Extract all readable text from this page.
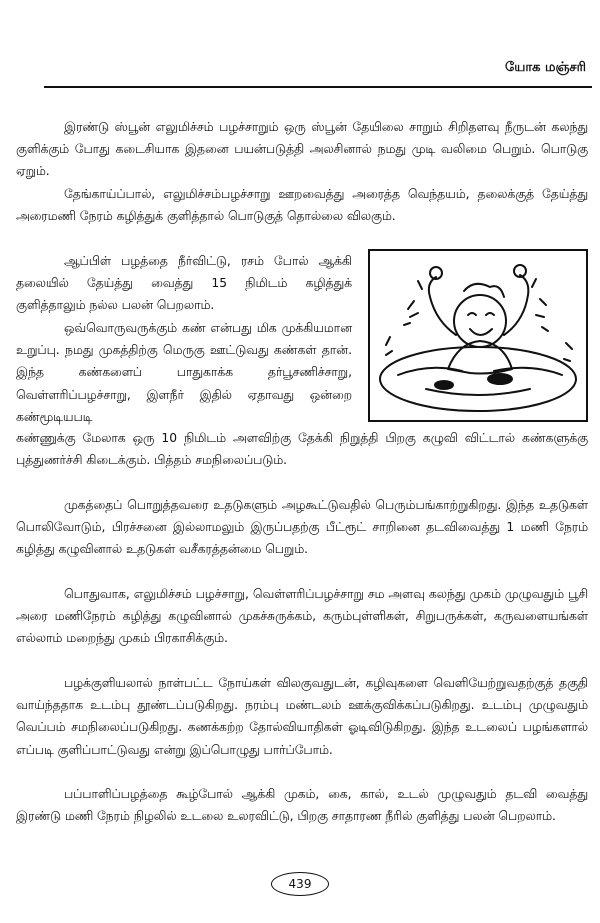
யோக மஞ்சரி

இரண்டு ஸ்பூன் எலுமிச்சம் பழச்சாறும் ஒரு ஸ்பூன் தேயிலை சாறும் சிறிதளவு நீருடன் கலந்து குளிக்கும் போது கடைசியாக இதனை பயன்படுத்தி அலசினால் நமது முடி வலிமை பெறும். பொடுகு ஏறும்.

தேங்காய்ப்பால், எலுமிச்சம்பழச்சாறு ஊறவைத்து அரைத்த வெந்தயம், தலைக்குத் தேய்த்து அரைமணி நேரம் கழித்துக் குளித்தால் பொடுகுத் தொல்லை விலகும்.

ஆப்பிள் பழத்தை நீர்விட்டு, ரசம் போல் ஆக்கி தலையில் தேய்த்து வைத்து 15 நிமிடம் கழித்துக் குளித்தாலும் நல்ல பலன் பெறலாம்.

ஒவ்வொருவருக்கும் கண் என்பது மிக முக்கியமான உறுப்பு. நமது முகத்திற்கு மெருகு ஊட்டுவது கண்கள் தான். இந்த கண்களைப் பாதுகாக்க தர்பூசணிச்சாறு, வெள்ளரிப்பழச்சாறு, இளநீர் இதில் ஏதாவது ஒன்றை கண்மூடியபடி

கண்ணுக்கு மேலாக ஒரு 10 நிமிடம் அளவிற்கு தேக்கி நிறுத்தி பிறகு கழுவி விட்டால் கண்களுக்கு புத்துணர்ச்சி கிடைக்கும். பித்தம் சமநிலைப்படும்.

முகத்தைப் பொறுத்தவரை உதடுகளும் அழகூட்டுவதில் பெரும்பங்காற்றுகிறது. இந்த உதடுகள் பொலிவோடும், பிரச்சனை இல்லாமலும் இருப்பதற்கு பீட்ரூட் சாறினை தடவிவைத்து 1 மணி நேரம் கழித்து கழுவினால் உதடுகள் வசீகரத்தன்மை பெறும்.

பொதுவாக, எலுமிச்சம் பழச்சாறு, வெள்ளரிப்பழச்சாறு சம அளவு கலந்து முகம் முழுவதும் பூசி அரை மணிநேரம் கழித்து கழுவினால் முகச்சுருக்கம், கரும்புள்ளிகள், சிறுபருக்கள், கருவளையங்கள் எல்லாம் மறைந்து முகம் பிரகாசிக்கும்.

பழக்குளியலால் நாள்பட்ட நோய்கள் விலகுவதுடன், கழிவுகளை வெளியேற்றுவதற்குத் தகுதி வாய்ந்ததாக உடம்பு தூண்டப்படுகிறது. நரம்பு மண்டலம் ஊக்குவிக்கப்படுகிறது. உடம்பு முழுவதும் வெப்பம் சமநிலைப்படுகிறது. கணக்கற்ற தோல்வியாதிகள் ஓடிவிடுகிறது. இந்த உடலைப் பழங்களால் எப்படி குளிப்பாட்டுவது என்று இப்பொழுது பார்ப்போம்.

பப்பாளிப்பழத்தை கூழ்போல் ஆக்கி முகம், கை, கால், உடல் முழுவதும் தடவி வைத்து இரண்டு மணி நேரம் நிழலில் உடலை உலரவிட்டு, பிறகு சாதாரண நீரில் குளித்து பலன் பெறலாம்.

439
